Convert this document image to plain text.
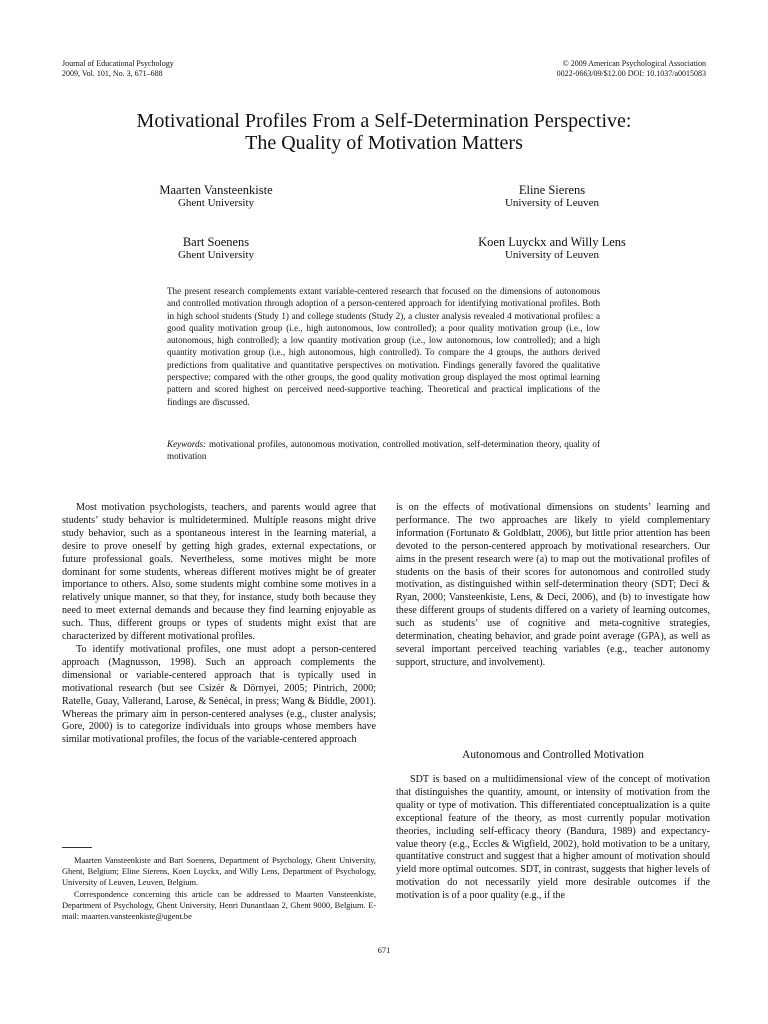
Journal of Educational Psychology
2009, Vol. 101, No. 3, 671–688
© 2009 American Psychological Association
0022-0663/09/$12.00 DOI: 10.1037/a0015083
Motivational Profiles From a Self-Determination Perspective:
The Quality of Motivation Matters
Maarten Vansteenkiste
Ghent University
Eline Sierens
University of Leuven
Bart Soenens
Ghent University
Koen Luyckx and Willy Lens
University of Leuven
The present research complements extant variable-centered research that focused on the dimensions of autonomous and controlled motivation through adoption of a person-centered approach for identifying motivational profiles. Both in high school students (Study 1) and college students (Study 2), a cluster analysis revealed 4 motivational profiles: a good quality motivation group (i.e., high autonomous, low controlled); a poor quality motivation group (i.e., low autonomous, high controlled); a low quantity motivation group (i.e., low autonomous, low controlled); and a high quantity motivation group (i.e., high autonomous, high controlled). To compare the 4 groups, the authors derived predictions from qualitative and quantitative perspectives on motivation. Findings generally favored the qualitative perspective; compared with the other groups, the good quality motivation group displayed the most optimal learning pattern and scored highest on perceived need-supportive teaching. Theoretical and practical implications of the findings are discussed.
Keywords: motivational profiles, autonomous motivation, controlled motivation, self-determination theory, quality of motivation

Most motivation psychologists, teachers, and parents would agree that students’ study behavior is multidetermined. Multiple reasons might drive study behavior, such as a spontaneous interest in the learning material, a desire to prove oneself by getting high grades, external expectations, or future professional goals. Nevertheless, some motives might be more dominant for some students, whereas different motives might be of greater importance to others. Also, some students might combine some motives in a relatively unique manner, so that they, for instance, study both because they need to meet external demands and because they find learning enjoyable as such. Thus, different groups or types of students might exist that are characterized by different motivational profiles.

To identify motivational profiles, one must adopt a person-centered approach (Magnusson, 1998). Such an approach complements the dimensional or variable-centered approach that is typically used in motivational research (but see Csizér & Dörnyei, 2005; Pintrich, 2000; Ratelle, Guay, Vallerand, Larose, & Senécal, in press; Wang & Biddle, 2001). Whereas the primary aim in person-centered analyses (e.g., cluster analysis; Gore, 2000) is to categorize individuals into groups whose members have similar motivational profiles, the focus of the variable-centered approach

is on the effects of motivational dimensions on students’ learning and performance. The two approaches are likely to yield complementary information (Fortunato & Goldblatt, 2006), but little prior attention has been devoted to the person-centered approach by motivational researchers. Our aims in the present research were (a) to map out the motivational profiles of students on the basis of their scores for autonomous and controlled study motivation, as distinguished within self-determination theory (SDT; Deci & Ryan, 2000; Vansteenkiste, Lens, & Deci, 2006), and (b) to investigate how these different groups of students differed on a variety of learning outcomes, such as students’ use of cognitive and meta-cognitive strategies, determination, cheating behavior, and grade point average (GPA), as well as several important perceived teaching variables (e.g., teacher autonomy support, structure, and involvement).

Autonomous and Controlled Motivation

SDT is based on a multidimensional view of the concept of motivation that distinguishes the quantity, amount, or intensity of motivation from the quality or type of motivation. This differentiated conceptualization is a quite exceptional feature of the theory, as most currently popular motivation theories, including self-efficacy theory (Bandura, 1989) and expectancy-value theory (e.g., Eccles & Wigfield, 2002), hold motivation to be a unitary, quantitative construct and suggest that a higher amount of motivation should yield more optimal outcomes. SDT, in contrast, suggests that higher levels of motivation do not necessarily yield more desirable outcomes if the motivation is of a poor quality (e.g., if the

Maarten Vansteenkiste and Bart Soenens, Department of Psychology, Ghent University, Ghent, Belgium; Eline Sierens, Koen Luyckx, and Willy Lens, Department of Psychology, University of Leuven, Leuven, Belgium.

Correspondence concerning this article can be addressed to Maarten Vansteenkiste, Department of Psychology, Ghent University, Henri Dunantlaan 2, Ghent 9000, Belgium. E-mail: maarten.vansteenkiste@ugent.be

671
